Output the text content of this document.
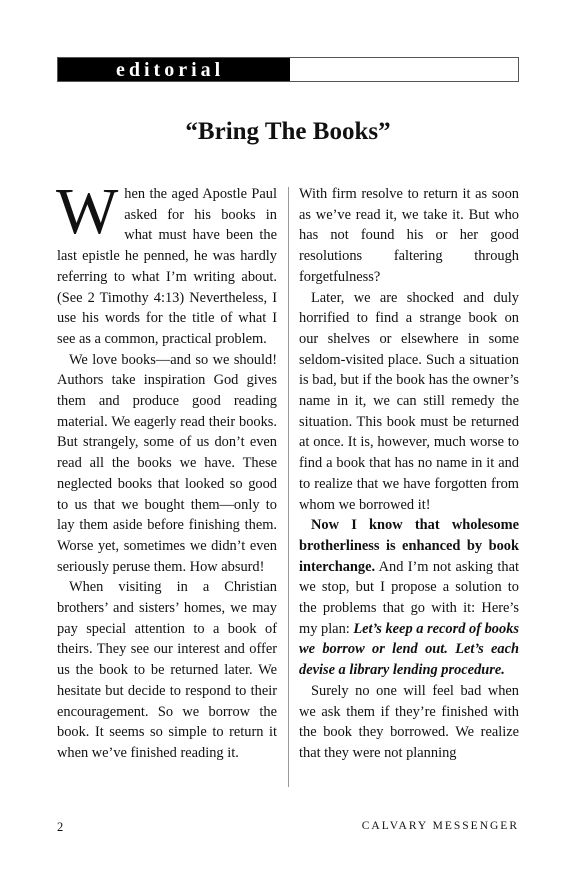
editorial
“Bring The Books”

When the aged Apostle Paul asked for his books in what must have been the last epistle he penned, he was hardly referring to what I’m writing about. (See 2 Timothy 4:13) Nevertheless, I use his words for the title of what I see as a common, practical problem.

We love books—and so we should! Authors take inspiration God gives them and produce good reading material. We eagerly read their books. But strangely, some of us don’t even read all the books we have. These neglected books that looked so good to us that we bought them—only to lay them aside before finishing them. Worse yet, sometimes we didn’t even seriously peruse them. How absurd!

When visiting in a Christian brothers’ and sisters’ homes, we may pay special attention to a book of theirs. They see our interest and offer us the book to be returned later. We hesitate but decide to respond to their encouragement. So we borrow the book. It seems so simple to return it when we’ve finished reading it.

With firm resolve to return it as soon as we’ve read it, we take it. But who has not found his or her good resolutions faltering through forgetfulness?

Later, we are shocked and duly horrified to find a strange book on our shelves or elsewhere in some seldom-visited place. Such a situation is bad, but if the book has the owner’s name in it, we can still remedy the situation. This book must be returned at once. It is, however, much worse to find a book that has no name in it and to realize that we have forgotten from whom we borrowed it!

Now I know that wholesome brotherliness is enhanced by book interchange. And I’m not asking that we stop, but I propose a solution to the problems that go with it: Here’s my plan: Let’s keep a record of books we borrow or lend out. Let’s each devise a library lending procedure.

Surely no one will feel bad when we ask them if they’re finished with the book they borrowed. We realize that they were not planning

2	CALVARY MESSENGER
